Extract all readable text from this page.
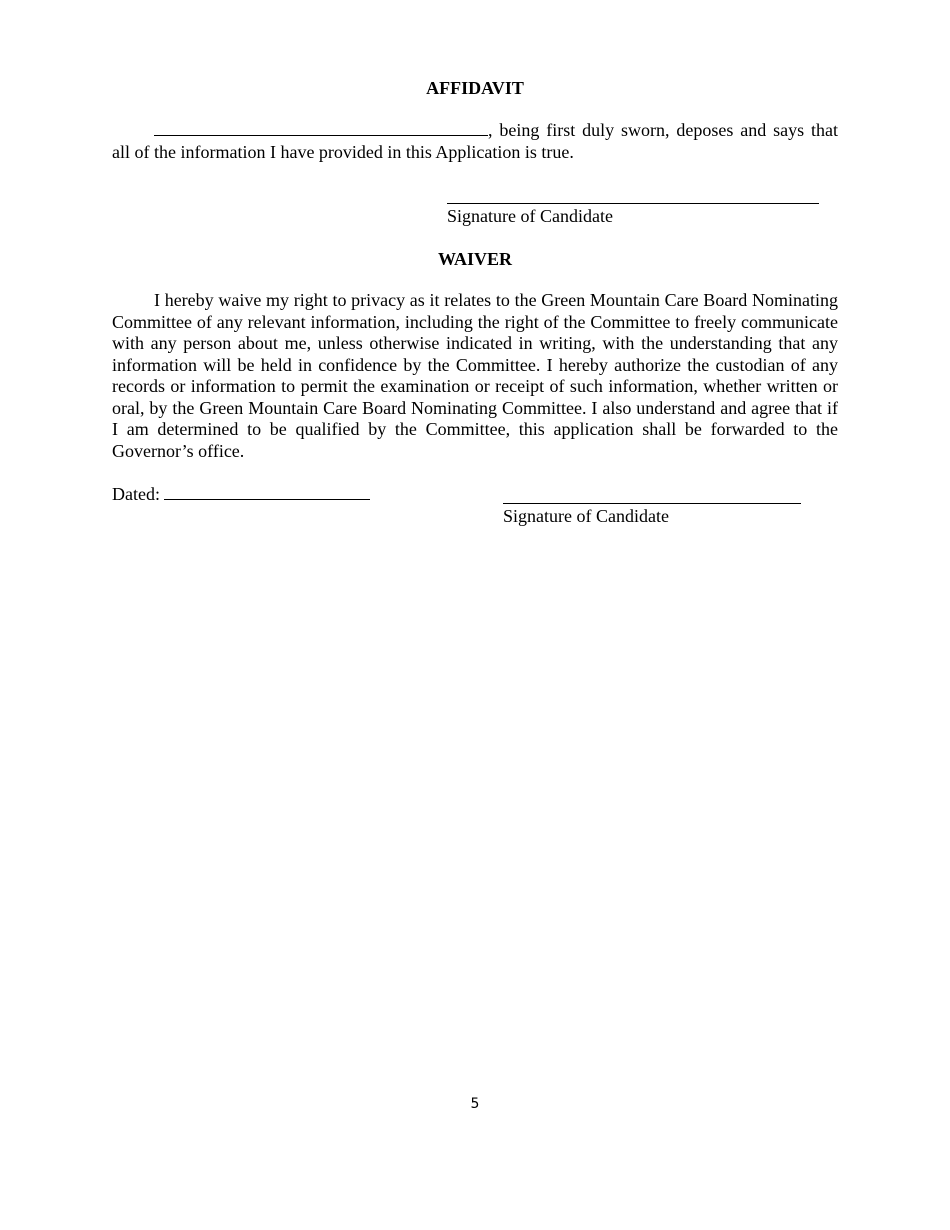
AFFIDAVIT
, being first duly sworn, deposes and says that all of the information I have provided in this Application is true.
Signature of Candidate
WAIVER
I hereby waive my right to privacy as it relates to the Green Mountain Care Board Nominating Committee of any relevant information, including the right of the Committee to freely communicate with any person about me, unless otherwise indicated in writing, with the understanding that any information will be held in confidence by the Committee. I hereby authorize the custodian of any records or information to permit the examination or receipt of such information, whether written or oral, by the Green Mountain Care Board Nominating Committee. I also understand and agree that if I am determined to be qualified by the Committee, this application shall be forwarded to the Governor’s office.
Dated:
Signature of Candidate
5
